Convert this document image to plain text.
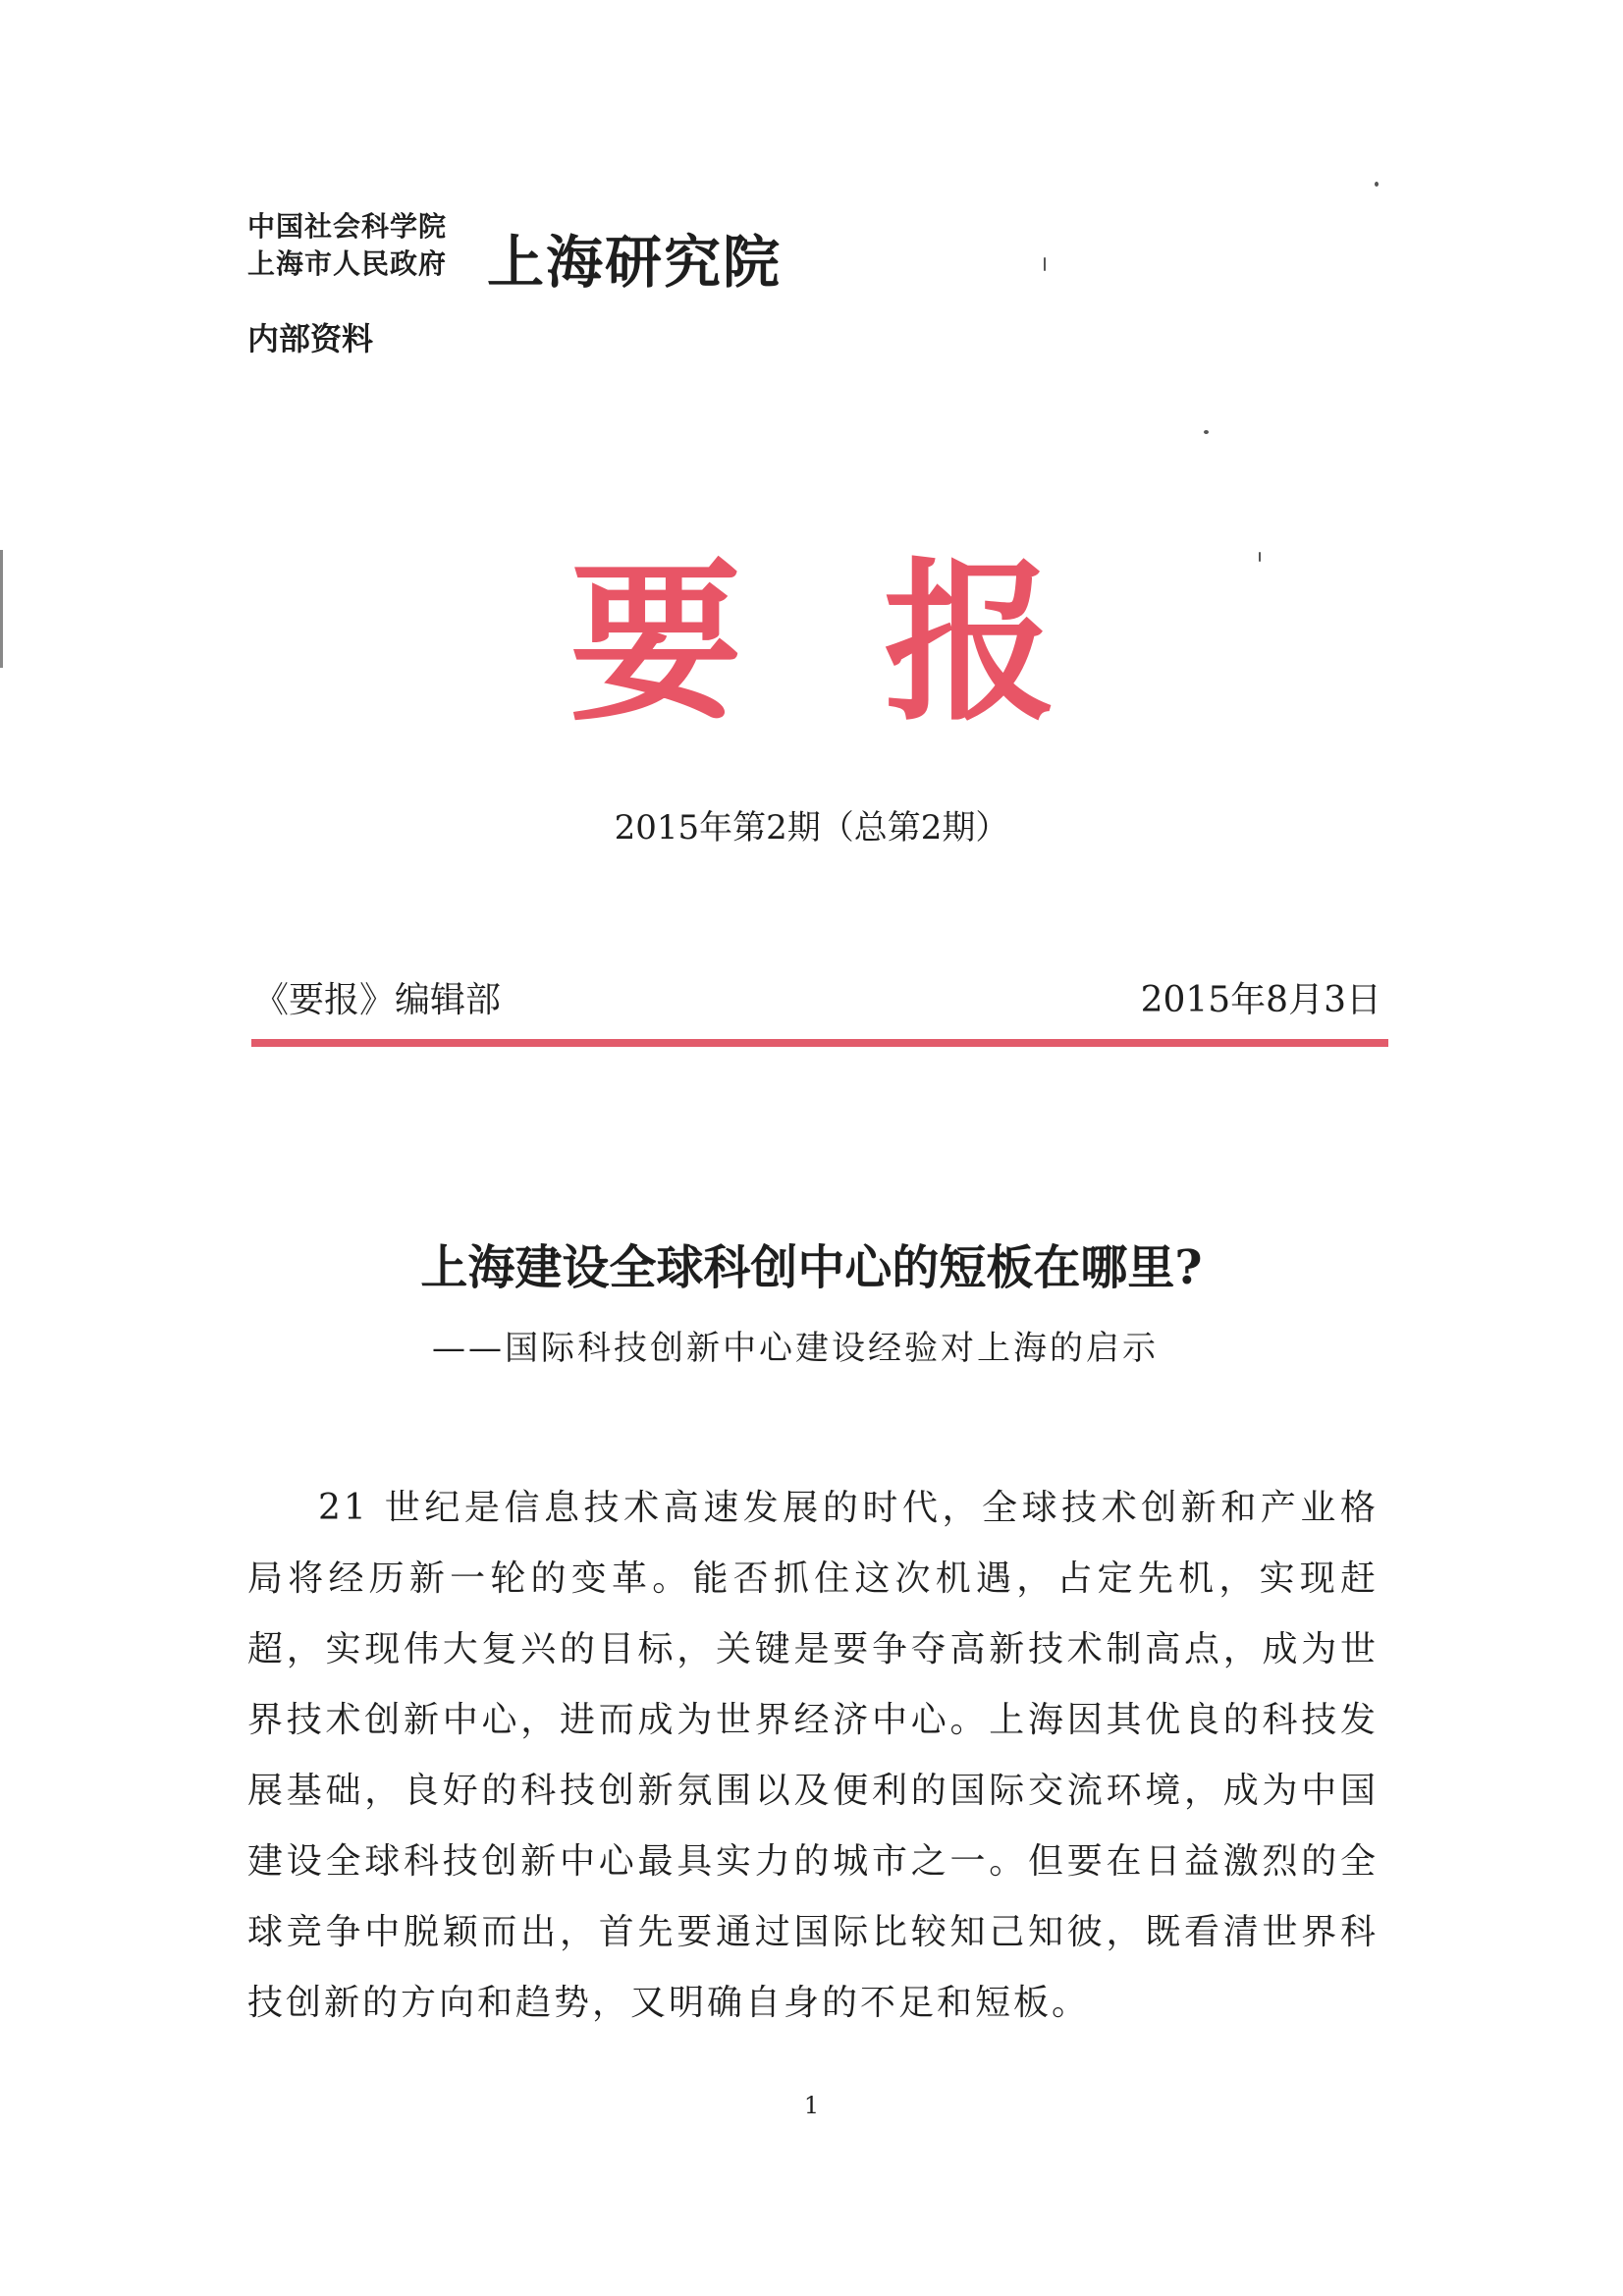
中国社会科学院
上海市人民政府 上海研究院
内部资料
要 报
2015年第2期（总第2期）
《要报》编辑部	2015年8月3日
上海建设全球科创中心的短板在哪里?
——国际科技创新中心建设经验对上海的启示

21 世纪是信息技术高速发展的时代，全球技术创新和产业格局将经历新一轮的变革。能否抓住这次机遇，占定先机，实现赶超，实现伟大复兴的目标，关键是要争夺高新技术制高点，成为世界技术创新中心，进而成为世界经济中心。上海因其优良的科技发展基础，良好的科技创新氛围以及便利的国际交流环境，成为中国建设全球科技创新中心最具实力的城市之一。但要在日益激烈的全球竞争中脱颖而出，首先要通过国际比较知己知彼，既看清世界科技创新的方向和趋势，又明确自身的不足和短板。

1
